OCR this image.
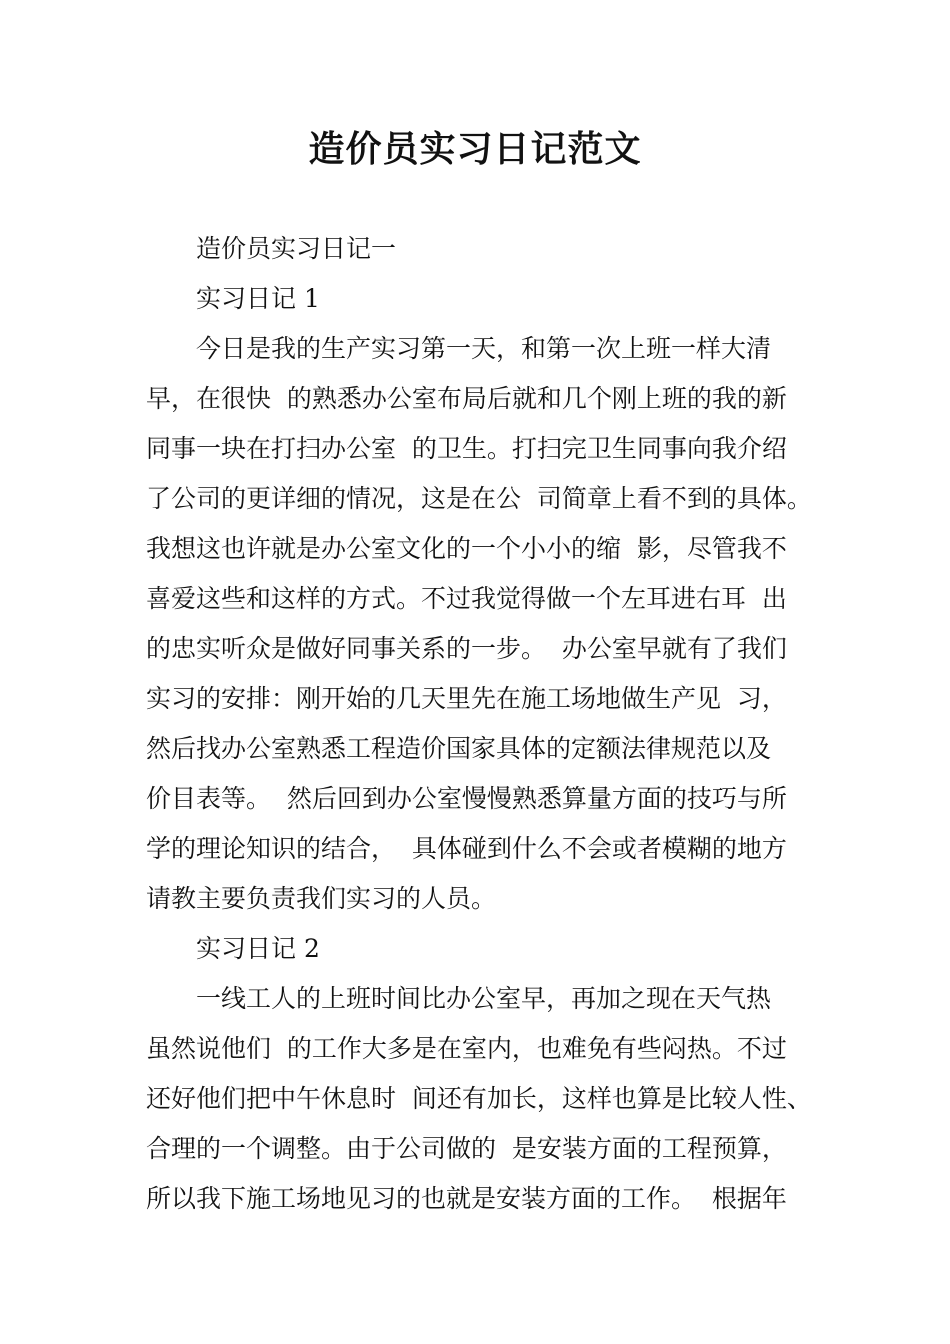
造价员实习日记范文

造价员实习日记一

实习日记 1

今日是我的生产实习第一天，和第一次上班一样大清

早，在很快  的熟悉办公室布局后就和几个刚上班的我的新

同事一块在打扫办公室  的卫生。打扫完卫生同事向我介绍

了公司的更详细的情况，这是在公  司简章上看不到的具体。

我想这也许就是办公室文化的一个小小的缩  影，尽管我不

喜爱这些和这样的方式。不过我觉得做一个左耳进右耳  出

的忠实听众是做好同事关系的一步。  办公室早就有了我们

实习的安排：刚开始的几天里先在施工场地做生产见  习，

然后找办公室熟悉工程造价国家具体的定额法律规范以及

价目表等。  然后回到办公室慢慢熟悉算量方面的技巧与所

学的理论知识的结合，  具体碰到什么不会或者模糊的地方

请教主要负责我们实习的人员。

实习日记 2

一线工人的上班时间比办公室早，再加之现在天气热

虽然说他们  的工作大多是在室内，也难免有些闷热。不过

还好他们把中午休息时  间还有加长，这样也算是比较人性、

合理的一个调整。由于公司做的  是安装方面的工程预算，

所以我下施工场地见习的也就是安装方面的工作。  根据年
